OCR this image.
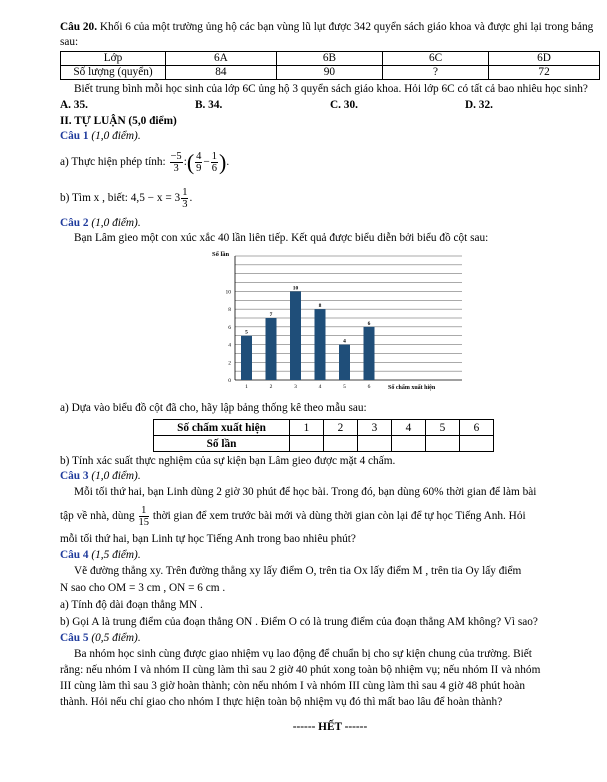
Câu 20. Khối 6 của một trường ủng hộ các bạn vùng lũ lụt được 342 quyển sách giáo khoa và được ghi lại trong bảng sau:

Lớp	6A	6B	6C	6D
Số lượng (quyển)	84	90	?	72

Biết trung bình mỗi học sinh của lớp 6C ủng hộ 3 quyển sách giáo khoa. Hỏi lớp 6C có tất cả bao nhiêu học sinh?

A. 35.	B. 34.	C. 30.	D. 32.

II. TỰ LUẬN (5,0 điểm)

Câu 1 (1,0 điểm).

a) Thực hiện phép tính: $\frac{-5}{3}$ :( $\frac{4}{9} - \frac{1}{6}$ ).

b) Tìm x , biết: $4,5 - x = 3 \frac{1}{3}$ .

Câu 2 (1,0 điểm).

Bạn Lâm gieo một con xúc xắc 40 lần liên tiếp. Kết quả được biểu diễn bởi biểu đồ cột sau:

Số lần
0
2
4
6
8
10
5
1
7
2
10
3
8
4
4
5
6
6	Số chấm xuất hiện

a) Dựa vào biểu đồ cột đã cho, hãy lập bảng thống kê theo mẫu sau:

Số chấm xuất hiện	1	2	3	4	5	6
Số lần						

b) Tính xác suất thực nghiệm của sự kiện bạn Lâm gieo được mặt 4 chấm.

Câu 3 (1,0 điểm).

Mỗi tối thứ hai, bạn Linh dùng 2 giờ 30 phút để học bài. Trong đó, bạn dùng 60% thời gian để làm bài

tập về nhà, dùng $\frac{1}{15}$ thời gian để xem trước bài mới và dùng thời gian còn lại để tự học Tiếng Anh. Hỏi

mỗi tối thứ hai, bạn Linh tự học Tiếng Anh trong bao nhiêu phút?

Câu 4 (1,5 điểm).

Vẽ đường thẳng xy. Trên đường thẳng xy lấy điểm O, trên tia Ox lấy điểm M , trên tia Oy lấy điểm

N sao cho OM = 3 cm , ON = 6 cm .

a) Tính độ dài đoạn thẳng MN .

b) Gọi A là trung điểm của đoạn thẳng ON . Điểm O có là trung điểm của đoạn thẳng AM không? Vì sao?

Câu 5 (0,5 điểm).

Ba nhóm học sinh cùng được giao nhiệm vụ lao động để chuẩn bị cho sự kiện chung của trường. Biết

rằng: nếu nhóm I và nhóm II cùng làm thì sau 2 giờ 40 phút xong toàn bộ nhiệm vụ; nếu nhóm II và nhóm

III cùng làm thì sau 3 giờ hoàn thành; còn nếu nhóm I và nhóm III cùng làm thì sau 4 giờ 48 phút hoàn

thành. Hỏi nếu chỉ giao cho nhóm I thực hiện toàn bộ nhiệm vụ đó thì mất bao lâu để hoàn thành?

------ HẾT ------
